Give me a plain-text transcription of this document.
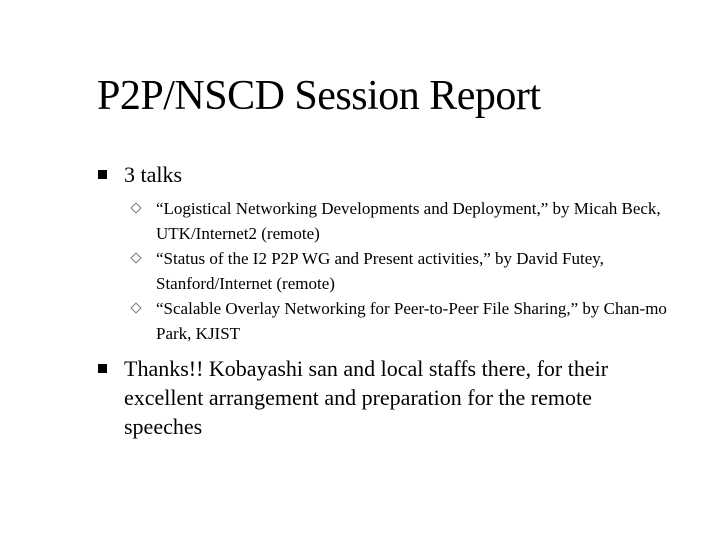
P2P/NSCD Session Report
3 talks
“Logistical Networking Developments and Deployment,” by Micah Beck, UTK/Internet2 (remote)
“Status of the I2 P2P WG and Present activities,” by David Futey, Stanford/Internet (remote)
“Scalable Overlay Networking for Peer-to-Peer File Sharing,” by Chan-mo Park, KJIST
Thanks!! Kobayashi san and local staffs there, for their excellent arrangement and preparation for the remote speeches
